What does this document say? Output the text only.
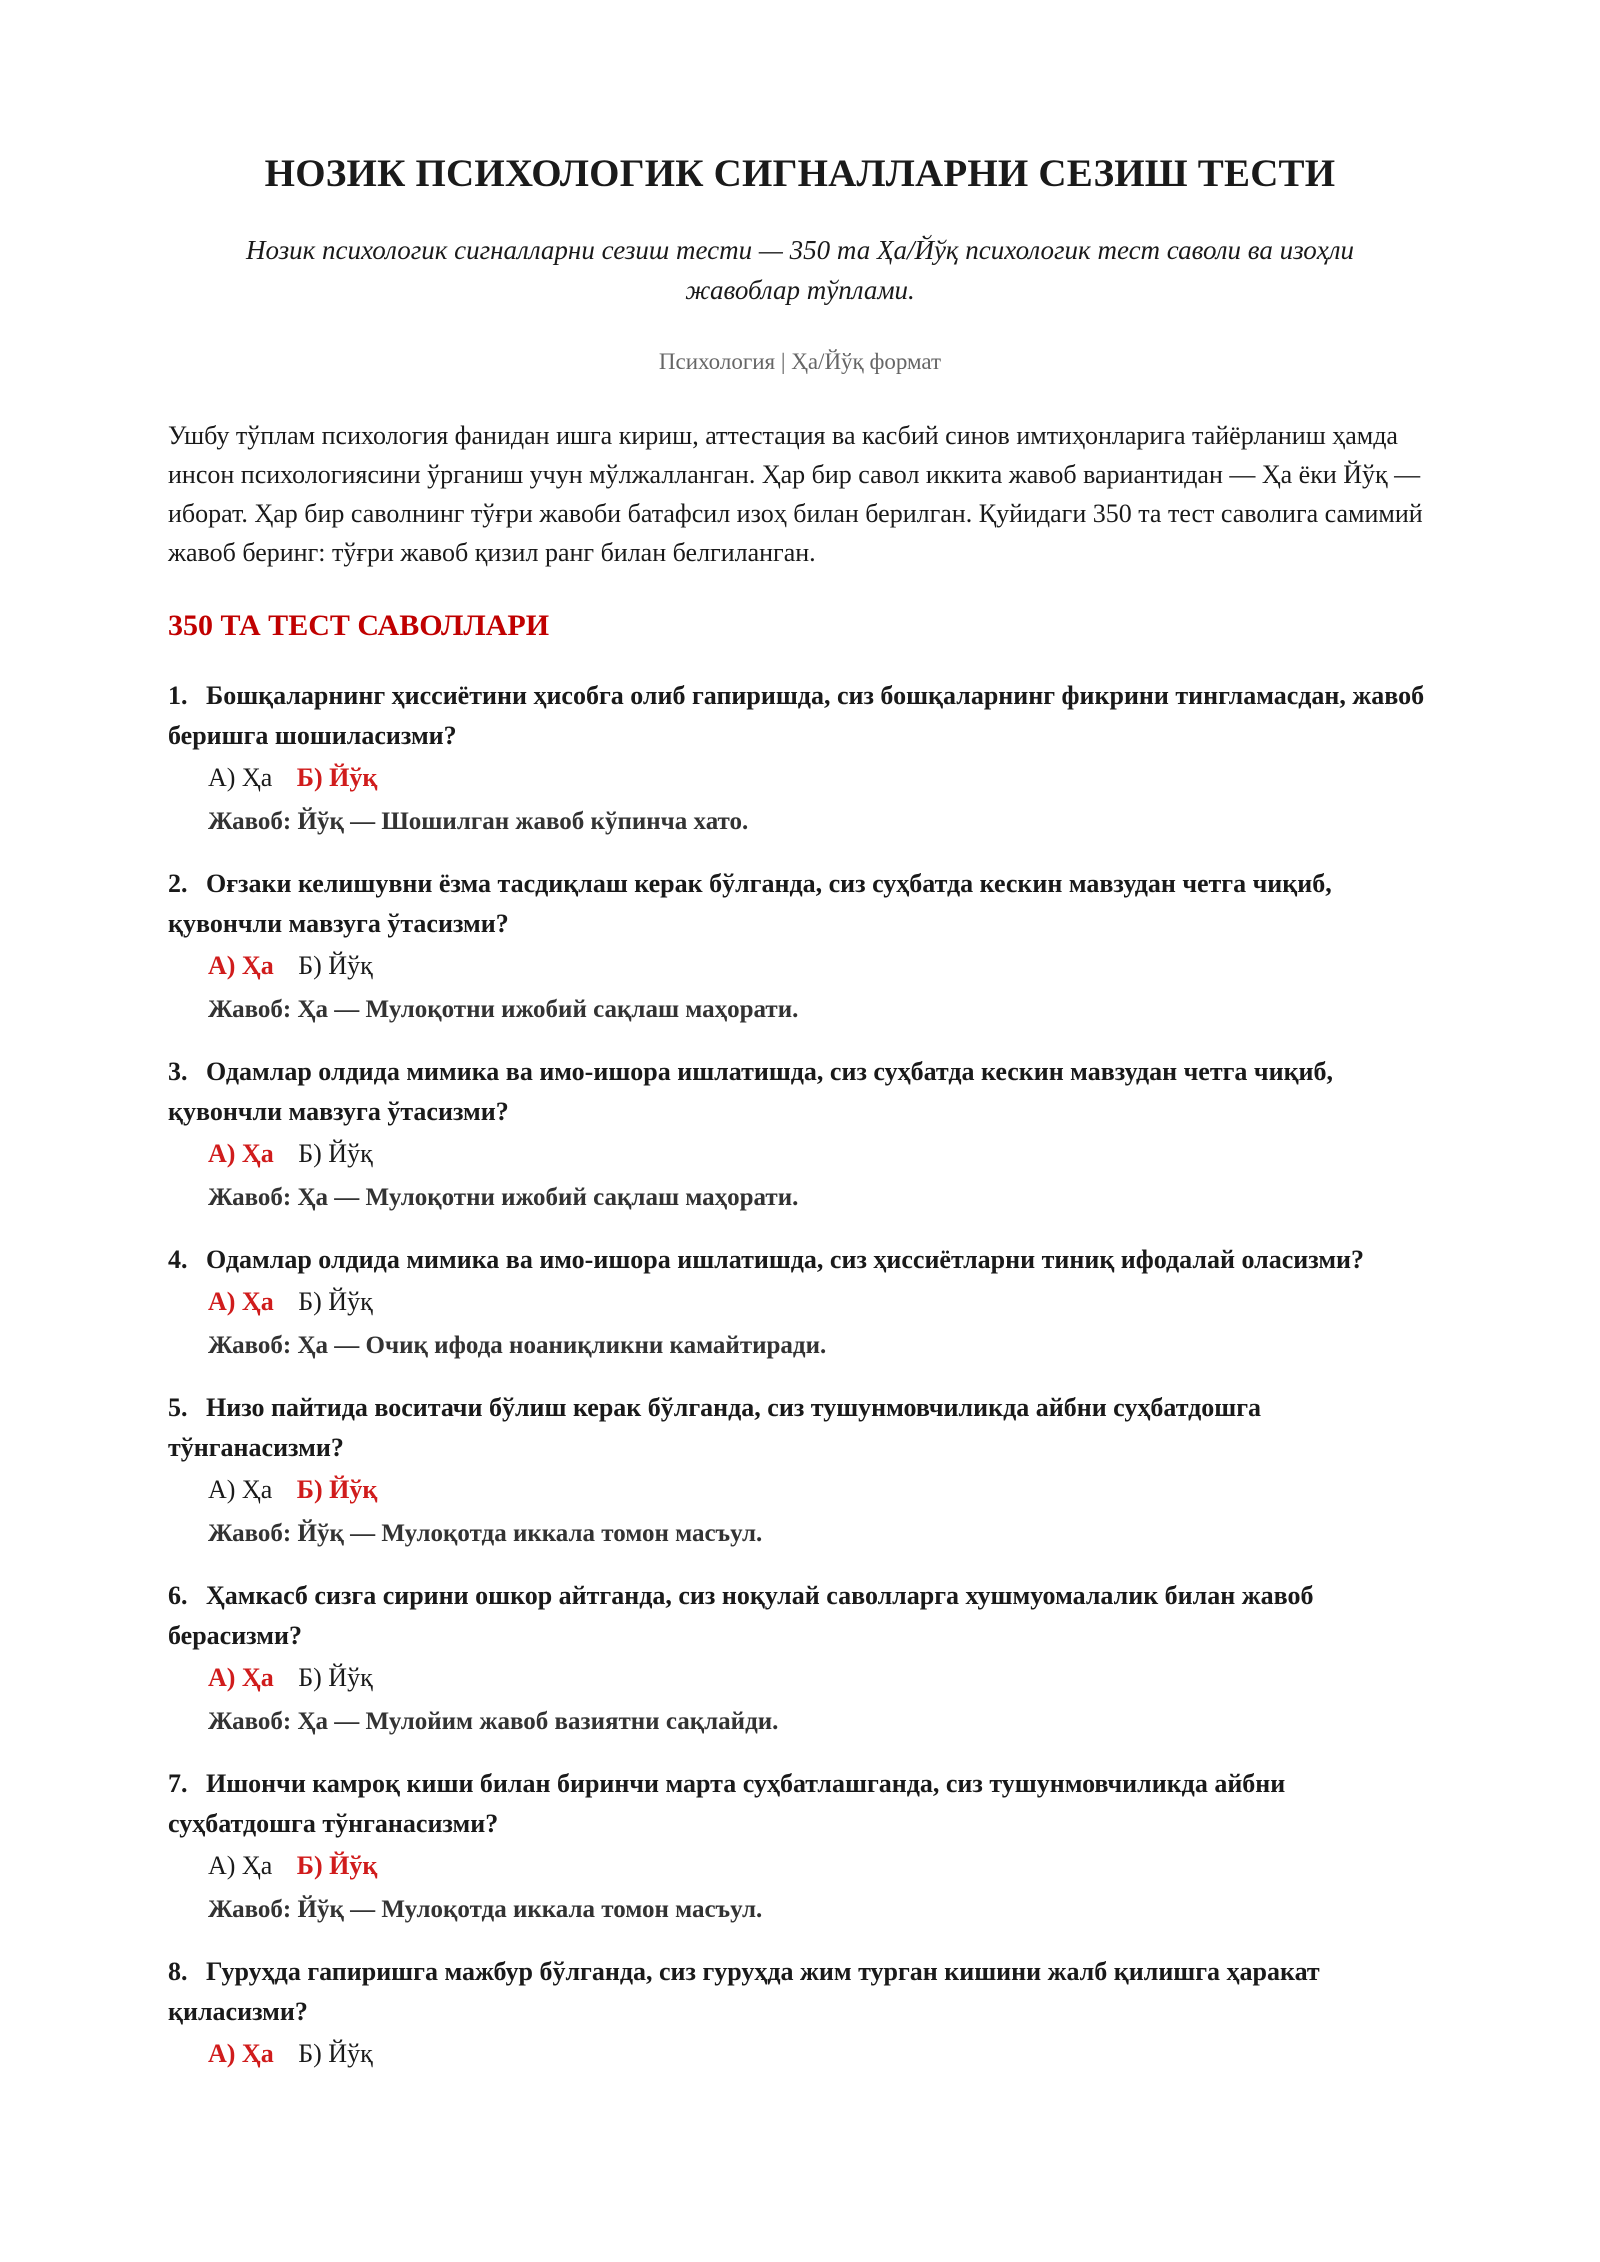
НОЗИК ПСИХОЛОГИК СИГНАЛЛАРНИ СЕЗИШ ТЕСТИ
Нозик психологик сигналларни сезиш тести — 350 та Ҳа/Йўқ психологик тест саволи ва изоҳли жавоблар тўплами.
Психология | Ҳа/Йўқ формат
Ушбу тўплам психология фанидан ишга кириш, аттестация ва касбий синов имтиҳонларига тайёрланиш ҳамда инсон психологиясини ўрганиш учун мўлжалланган. Ҳар бир савол иккита жавоб вариантидан — Ҳа ёки Йўқ — иборат. Ҳар бир саволнинг тўғри жавоби батафсил изоҳ билан берилган. Қуйидаги 350 та тест саволига самимий жавоб беринг: тўғри жавоб қизил ранг билан белгиланган.
350 ТА ТЕСТ САВОЛЛАРИ
1. Бошқаларнинг ҳиссиётини ҳисобга олиб гапиришда, сиз бошқаларнинг фикрини тингламасдан, жавоб беришга шошиласизми?
А) Ҳа Б) Йўқ
Жавоб: Йўқ — Шошилган жавоб кўпинча хато.
2. Оғзаки келишувни ёзма тасдиқлаш керак бўлганда, сиз суҳбатда кескин мавзудан четга чиқиб, қувончли мавзуга ўтасизми?
А) Ҳа Б) Йўқ
Жавоб: Ҳа — Мулоқотни ижобий сақлаш маҳорати.
3. Одамлар олдида мимика ва имо-ишора ишлатишда, сиз суҳбатда кескин мавзудан четга чиқиб, қувончли мавзуга ўтасизми?
А) Ҳа Б) Йўқ
Жавоб: Ҳа — Мулоқотни ижобий сақлаш маҳорати.
4. Одамлар олдида мимика ва имо-ишора ишлатишда, сиз ҳиссиётларни тиниқ ифодалай оласизми?
А) Ҳа Б) Йўқ
Жавоб: Ҳа — Очиқ ифода ноаниқликни камайтиради.
5. Низо пайтида воситачи бўлиш керак бўлганда, сиз тушунмовчиликда айбни суҳбатдошга тўнганасизми?
А) Ҳа Б) Йўқ
Жавоб: Йўқ — Мулоқотда иккала томон масъул.
6. Ҳамкасб сизга сирини ошкор айтганда, сиз ноқулай саволларга хушмуомалалик билан жавоб берасизми?
А) Ҳа Б) Йўқ
Жавоб: Ҳа — Мулойим жавоб вазиятни сақлайди.
7. Ишончи камроқ киши билан биринчи марта суҳбатлашганда, сиз тушунмовчиликда айбни суҳбатдошга тўнганасизми?
А) Ҳа Б) Йўқ
Жавоб: Йўқ — Мулоқотда иккала томон масъул.
8. Гуруҳда гапиришга мажбур бўлганда, сиз гуруҳда жим турган кишини жалб қилишга ҳаракат қиласизми?
А) Ҳа Б) Йўқ
